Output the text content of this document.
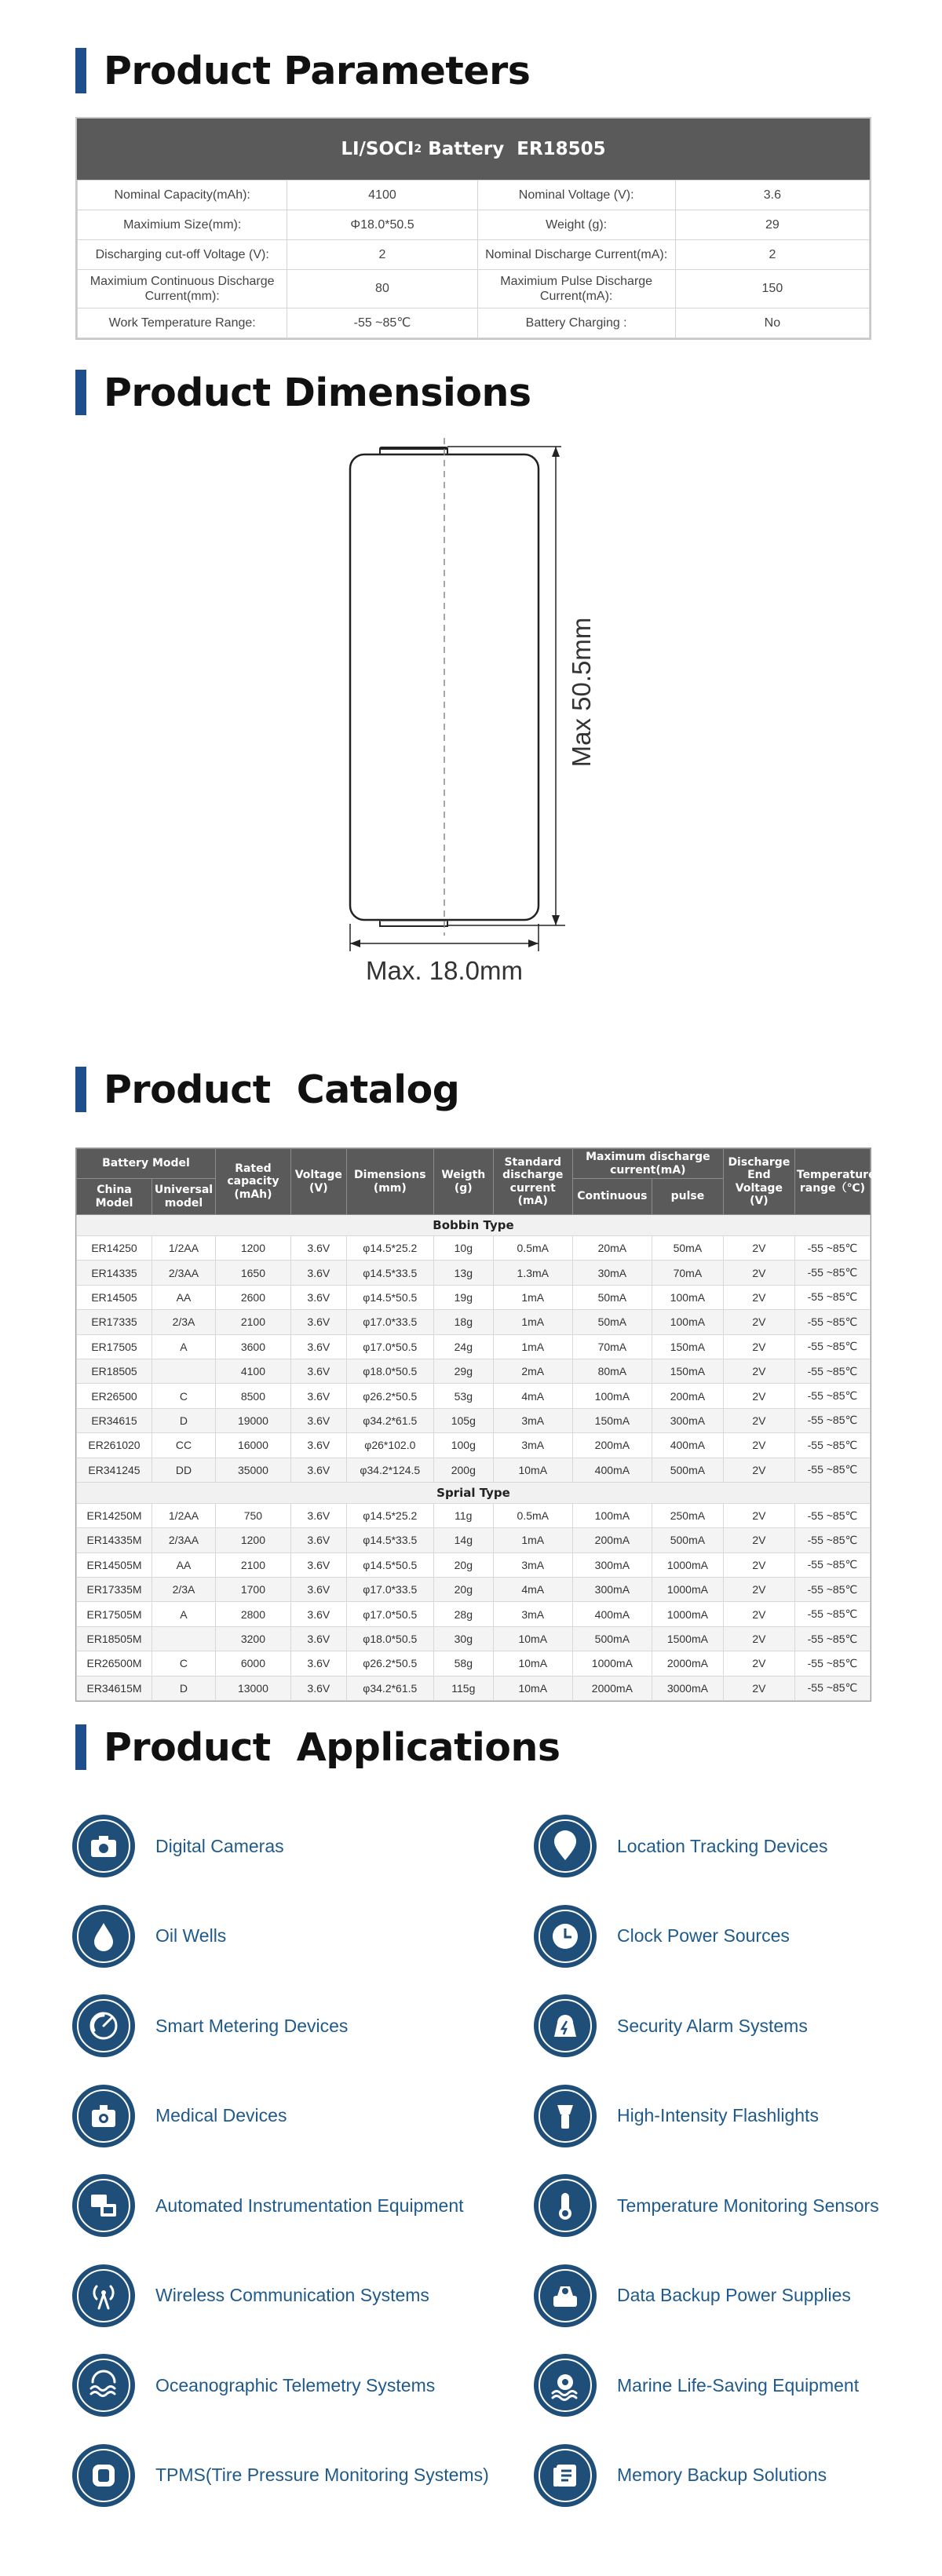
Product Parameters
LI/SOCI 2 Battery  ER18505
Nominal Capacity(mAh):	4100	Nominal Voltage (V):	3.6
Maximium Size(mm):	Φ18.0*50.5	Weight (g):	29
Discharging cut-off Voltage (V):	2	Nominal Discharge Current(mA):	2
Maximium Continuous Discharge Current(mm):	80	Maximium Pulse Discharge Current(mA):	150
Work Temperature Range:	-55 ~85℃	Battery Charging :	No
Product Dimensions
Max 50.5mm
Max. 18.0mm
Product  Catalog
Battery Model		Rated capacity (mAh)	Voltage (V)	Dimensions (mm)	Weigth (g)	Standard discharge current (mA)	Maximum discharge current(mA)		Discharge End Voltage (V)	Temperature range（℃)
China Model	Universal model						Continuous	pulse		
Bobbin Type										
ER14250	1/2AA	1200	3.6V	φ14.5*25.2	10g	0.5mA	20mA	50mA	2V	-55 ~85℃
ER14335	2/3AA	1650	3.6V	φ14.5*33.5	13g	1.3mA	30mA	70mA	2V	-55 ~85℃
ER14505	AA	2600	3.6V	φ14.5*50.5	19g	1mA	50mA	100mA	2V	-55 ~85℃
ER17335	2/3A	2100	3.6V	φ17.0*33.5	18g	1mA	50mA	100mA	2V	-55 ~85℃
ER17505	A	3600	3.6V	φ17.0*50.5	24g	1mA	70mA	150mA	2V	-55 ~85℃
ER18505		4100	3.6V	φ18.0*50.5	29g	2mA	80mA	150mA	2V	-55 ~85℃
ER26500	C	8500	3.6V	φ26.2*50.5	53g	4mA	100mA	200mA	2V	-55 ~85℃
ER34615	D	19000	3.6V	φ34.2*61.5	105g	3mA	150mA	300mA	2V	-55 ~85℃
ER261020	CC	16000	3.6V	φ26*102.0	100g	3mA	200mA	400mA	2V	-55 ~85℃
ER341245	DD	35000	3.6V	φ34.2*124.5	200g	10mA	400mA	500mA	2V	-55 ~85℃
Sprial Type										
ER14250M	1/2AA	750	3.6V	φ14.5*25.2	11g	0.5mA	100mA	250mA	2V	-55 ~85℃
ER14335M	2/3AA	1200	3.6V	φ14.5*33.5	14g	1mA	200mA	500mA	2V	-55 ~85℃
ER14505M	AA	2100	3.6V	φ14.5*50.5	20g	3mA	300mA	1000mA	2V	-55 ~85℃
ER17335M	2/3A	1700	3.6V	φ17.0*33.5	20g	4mA	300mA	1000mA	2V	-55 ~85℃
ER17505M	A	2800	3.6V	φ17.0*50.5	28g	3mA	400mA	1000mA	2V	-55 ~85℃
ER18505M		3200	3.6V	φ18.0*50.5	30g	10mA	500mA	1500mA	2V	-55 ~85℃
ER26500M	C	6000	3.6V	φ26.2*50.5	58g	10mA	1000mA	2000mA	2V	-55 ~85℃
ER34615M	D	13000	3.6V	φ34.2*61.5	115g	10mA	2000mA	3000mA	2V	-55 ~85℃
Product  Applications
Digital Cameras	Location Tracking Devices
Oil Wells	Clock Power Sources
Smart Metering Devices	Security Alarm Systems
Medical Devices	High-Intensity Flashlights
Automated Instrumentation Equipment	Temperature Monitoring Sensors
Wireless Communication Systems	Data Backup Power Supplies
Oceanographic Telemetry Systems	Marine Life-Saving Equipment
TPMS(Tire Pressure Monitoring Systems)	Memory Backup Solutions
